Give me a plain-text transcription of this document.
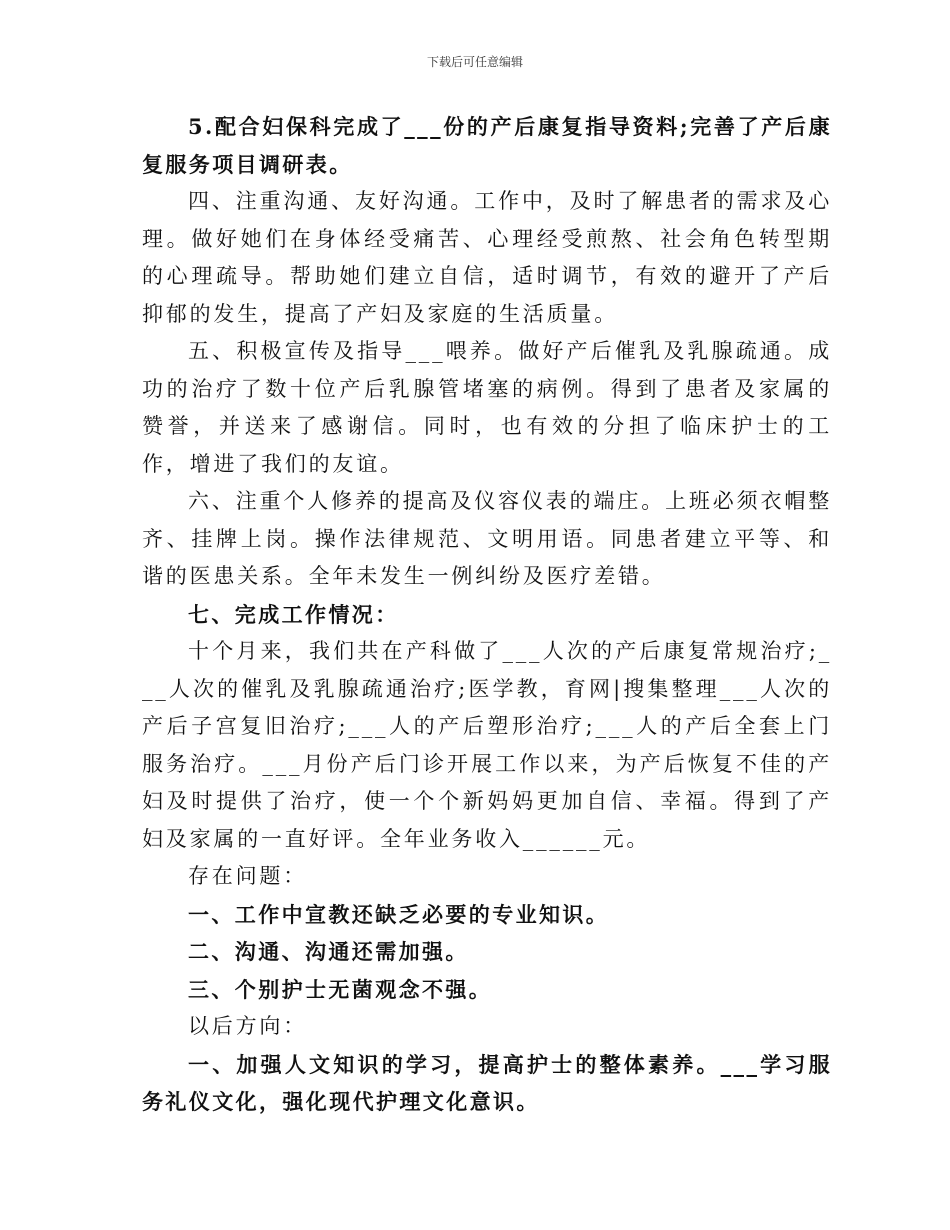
下载后可任意编辑

5.配合妇保科完成了___份的产后康复指导资料;完善了产后康复服务项目调研表。

四、注重沟通、友好沟通。工作中，及时了解患者的需求及心理。做好她们在身体经受痛苦、心理经受煎熬、社会角色转型期的心理疏导。帮助她们建立自信，适时调节，有效的避开了产后抑郁的发生，提高了产妇及家庭的生活质量。

五、积极宣传及指导___喂养。做好产后催乳及乳腺疏通。成功的治疗了数十位产后乳腺管堵塞的病例。得到了患者及家属的赞誉，并送来了感谢信。同时，也有效的分担了临床护士的工作，增进了我们的友谊。

六、注重个人修养的提高及仪容仪表的端庄。上班必须衣帽整齐、挂牌上岗。操作法律规范、文明用语。同患者建立平等、和谐的医患关系。全年未发生一例纠纷及医疗差错。

七、完成工作情况：

十个月来，我们共在产科做了___人次的产后康复常规治疗;___人次的催乳及乳腺疏通治疗;医学教，育网|搜集整理___人次的产后子宫复旧治疗;___人的产后塑形治疗;___人的产后全套上门服务治疗。___月份产后门诊开展工作以来，为产后恢复不佳的产妇及时提供了治疗，使一个个新妈妈更加自信、幸福。得到了产妇及家属的一直好评。全年业务收入______元。

存在问题：

一、工作中宣教还缺乏必要的专业知识。

二、沟通、沟通还需加强。

三、个别护士无菌观念不强。

以后方向：

一、加强人文知识的学习，提高护士的整体素养。___学习服务礼仪文化，强化现代护理文化意识。
